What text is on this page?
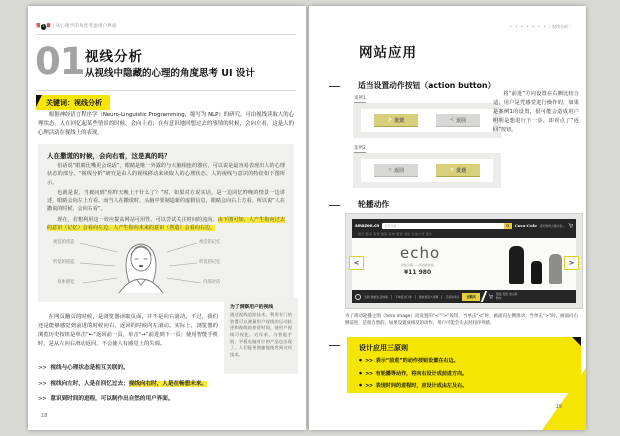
第 1 章｜从心理学的角度考虑用户界面
01 视线分析
从视线中隐藏的心理的角度思考 UI 设计
关键词：视线分析
根据神经语言程序学（Neuro-Linguistic Programming，缩写为 NLP）的研究，可由视线读取人的心理状态。人在回忆起某些情景的时候，会向上看；在有意识地回想过去的事情的时候，会向左看，这是人的心理活动在视线上的表现。
人在撒谎的时候，会向右看，这是真的吗？

俗话说“眼睛比嘴更会说话”，眼睛是唯一外露的与大脑相连的器官，可以说是最容易表现出人的心理状态的部分。“视线分析”研究是由人的视线移动来读取人的心理状态。人的视线与意识的特征如下图所示。

也就是说，当被问到“你昨天晚上干什么了？”时，如果对方说实话，是一边回忆昨晚的情景一边讲述，眼睛会向左上方看。而当人在撒谎时，头脑中要制造新的虚假信息，眼睛会向右上方看。所以说“人在撒谎的时候，会向右看”。

现在，若想利用这一效应提高网站可用性，可以尝试关注时间的流向。由下图可知，人产生指向过去的意识（记忆）会看向左边，人产生指向未来的意识（创造）会看向右边。

视觉的创造
听觉的创造
身体感觉
视觉的记忆
听觉的记忆
内部对话
为了洞察用户的视线

通过视线追踪技术，利用专门的装置可以测量用户视线的运动轨迹和视线的停留时间，使用户视线可视化。近年来，与智能手机、平板电脑对应的产品也出现了，人们能更便捷地使用到这项技术。

在网页翻页的时候，是浏览器读取页面，并不是向右滚动。不过，我们还是能够感觉到前进的时候向右，返回的时候向左滚动。实际上，浏览器的浏览历史按钮是单击“←”返回前一页，单击“→”前进到下一页；使用智能手机时，是从左向右滑动返回，不会使人有感觉上的失调。
>> 视线与心理状态是相互关联的。
>> 视线向左时，人是在回忆过去；视线向右时，人是在畅想未来。
>> 意识到时间的进程，可以制作出自然的用户界面。
18
• • • • • • • ｜视线分析｜
网站应用
适当设置动作按钮（action button）
案例1
> 发送	< 返回
案例2
< 返回	> 发送
将“前进”方向设置在右侧比较合适，用户是凭感觉进行操作的，如果是案例1的设置，很可能会造成用户明明是想进行下一步，却误点了“返回”按钮。
轮播动作
amazon.cn 全部分类	Coca·Cola 海外购物火爆来袭—
首页 图书 音像 数码 家电 服饰 美妆 运动户外 更多
echo
智能音箱——科技新体验
¥11 980
<	>
全新·智能生活体验	下单直达订单	智能语音大屏幕	只需动动口	去购买
现货·发售 加入购物车
为了滑动轮播主图（hero image）而设置的“<”“>”按钮，当单击“<”时，画面向左侧滑动；当单击“>”时，画面向右侧前进，是很自然的。如果设置成相反的动作，用户可能会失去时间序列感。
设计应用三原则
● >> 表示“前进”的动作按钮设置在右边。
● >> 有轮播等动作，将向右设计成前进方向。
● >> 表现时间的进程时，应设计成由左及右。
19
